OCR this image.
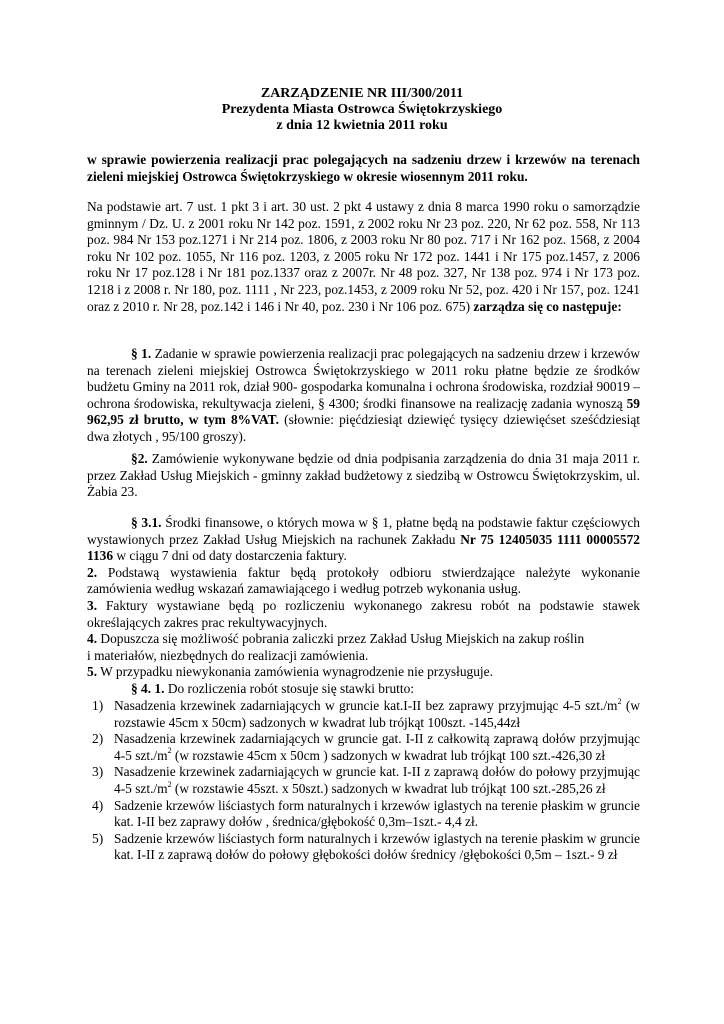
ZARZĄDZENIE NR III/300/2011
Prezydenta Miasta Ostrowca Świętokrzyskiego
z dnia 12 kwietnia 2011 roku

w sprawie powierzenia realizacji prac polegających na sadzeniu drzew i krzewów na terenach zieleni miejskiej Ostrowca Świętokrzyskiego w okresie wiosennym 2011 roku.

Na podstawie art. 7 ust. 1 pkt 3 i art. 30 ust. 2 pkt 4 ustawy z dnia 8 marca 1990 roku o samorządzie gminnym / Dz. U. z 2001 roku Nr 142 poz. 1591, z 2002 roku Nr 23 poz. 220, Nr 62 poz. 558, Nr 113 poz. 984 Nr 153 poz.1271 i Nr 214 poz. 1806, z 2003 roku Nr 80 poz. 717 i Nr 162 poz. 1568, z 2004 roku Nr 102 poz. 1055, Nr 116 poz. 1203, z 2005 roku Nr 172 poz. 1441 i Nr 175 poz.1457, z 2006 roku Nr 17 poz.128 i Nr 181 poz.1337 oraz z 2007r. Nr 48 poz. 327, Nr 138 poz. 974 i Nr 173 poz. 1218 i z 2008 r. Nr 180, poz. 1111 , Nr 223, poz.1453, z 2009 roku Nr 52, poz. 420 i Nr 157, poz. 1241 oraz z 2010 r. Nr 28, poz.142 i 146 i Nr 40, poz. 230 i Nr 106 poz. 675) zarządza się co następuje:

§ 1. Zadanie w sprawie powierzenia realizacji prac polegających na sadzeniu drzew i krzewów na terenach zieleni miejskiej Ostrowca Świętokrzyskiego w 2011 roku płatne będzie ze środków budżetu Gminy na 2011 rok, dział 900- gospodarka komunalna i ochrona środowiska, rozdział 90019 – ochrona środowiska, rekultywacja zieleni, § 4300; środki finansowe na realizację zadania wynoszą 59 962,95 zł brutto, w tym 8%VAT. (słownie: pięćdziesiąt dziewięć tysięcy dziewięćset sześćdziesiąt dwa złotych , 95/100 groszy).

§2. Zamówienie wykonywane będzie od dnia podpisania zarządzenia do dnia 31 maja 2011 r. przez Zakład Usług Miejskich - gminny zakład budżetowy z siedzibą w Ostrowcu Świętokrzyskim, ul. Żabia 23.

§ 3.1. Środki finansowe, o których mowa w § 1, płatne będą na podstawie faktur częściowych wystawionych przez Zakład Usług Miejskich na rachunek Zakładu Nr 75 12405035 1111 00005572 1136 w ciągu 7 dni od daty dostarczenia faktury.

2. Podstawą wystawienia faktur będą protokoły odbioru stwierdzające należyte wykonanie zamówienia według wskazań zamawiającego i według potrzeb wykonania usług.

3. Faktury wystawiane będą po rozliczeniu wykonanego zakresu robót na podstawie stawek określających zakres prac rekultywacyjnych.

4. Dopuszcza się możliwość pobrania zaliczki przez Zakład Usług Miejskich na zakup roślin
i materiałów, niezbędnych do realizacji zamówienia.

5. W przypadku niewykonania zamówienia wynagrodzenie nie przysługuje.

§ 4. 1. Do rozliczenia robót stosuje się stawki brutto:

1) Nasadzenia krzewinek zadarniających w gruncie kat.I-II bez zaprawy przyjmując 4-5 $szt./m^2$ (w rozstawie 45cm x 50cm) sadzonych w kwadrat lub trójkąt 100szt. -145,44zł
2) Nasadzenia krzewinek zadarniających w gruncie gat. I-II z całkowitą zaprawą dołów przyjmując 4-5 $szt./m^2$ (w rozstawie 45cm x 50cm ) sadzonych w kwadrat lub trójkąt 100 szt.-426,30 zł
3) Nasadzenie krzewinek zadarniających w gruncie kat. I-II z zaprawą dołów do połowy przyjmując 4-5 $szt./m^2$ (w rozstawie 45szt. x 50szt.) sadzonych w kwadrat lub trójkąt 100 szt.-285,26 zł
4) Sadzenie krzewów liściastych form naturalnych i krzewów iglastych na terenie płaskim w gruncie kat. I-II bez zaprawy dołów , średnica/głębokość 0,3m–1szt.- 4,4 zł.
5) Sadzenie krzewów liściastych form naturalnych i krzewów iglastych na terenie płaskim w gruncie kat. I-II z zaprawą dołów do połowy głębokości dołów średnicy /głębokości 0,5m – 1szt.- 9 zł
